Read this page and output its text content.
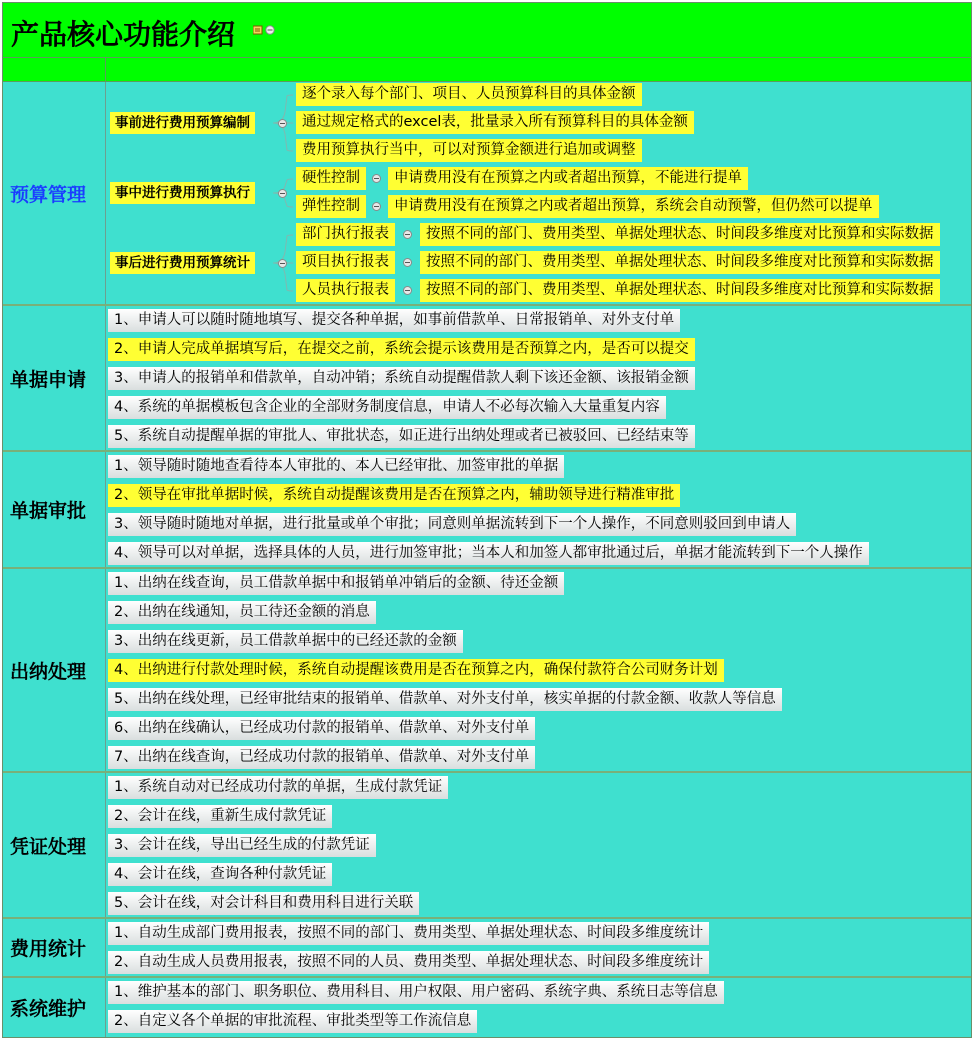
产品核心功能介绍
预算管理
事前进行费用预算编制
逐个录入每个部门、项目、人员预算科目的具体金额
通过规定格式的excel表，批量录入所有预算科目的具体金额
费用预算执行当中，可以对预算金额进行追加或调整
事中进行费用预算执行
硬性控制	申请费用没有在预算之内或者超出预算，不能进行提单
弹性控制	申请费用没有在预算之内或者超出预算，系统会自动预警，但仍然可以提单
事后进行费用预算统计
部门执行报表	按照不同的部门、费用类型、单据处理状态、时间段多维度对比预算和实际数据
项目执行报表	按照不同的部门、费用类型、单据处理状态、时间段多维度对比预算和实际数据
人员执行报表	按照不同的部门、费用类型、单据处理状态、时间段多维度对比预算和实际数据
单据申请
1、申请人可以随时随地填写、提交各种单据，如事前借款单、日常报销单、对外支付单
2、申请人完成单据填写后，在提交之前，系统会提示该费用是否预算之内，是否可以提交
3、申请人的报销单和借款单，自动冲销；系统自动提醒借款人剩下该还金额、该报销金额
4、系统的单据模板包含企业的全部财务制度信息，申请人不必每次输入大量重复内容
5、系统自动提醒单据的审批人、审批状态，如正进行出纳处理或者已被驳回、已经结束等
单据审批
1、领导随时随地查看待本人审批的、本人已经审批、加签审批的单据
2、领导在审批单据时候，系统自动提醒该费用是否在预算之内，辅助领导进行精准审批
3、领导随时随地对单据，进行批量或单个审批；同意则单据流转到下一个人操作，不同意则驳回到申请人
4、领导可以对单据，选择具体的人员，进行加签审批；当本人和加签人都审批通过后，单据才能流转到下一个人操作
出纳处理
1、出纳在线查询，员工借款单据中和报销单冲销后的金额、待还金额
2、出纳在线通知，员工待还金额的消息
3、出纳在线更新，员工借款单据中的已经还款的金额
4、出纳进行付款处理时候，系统自动提醒该费用是否在预算之内，确保付款符合公司财务计划
5、出纳在线处理，已经审批结束的报销单、借款单、对外支付单，核实单据的付款金额、收款人等信息
6、出纳在线确认，已经成功付款的报销单、借款单、对外支付单
7、出纳在线查询，已经成功付款的报销单、借款单、对外支付单
凭证处理
1、系统自动对已经成功付款的单据，生成付款凭证
2、会计在线，重新生成付款凭证
3、会计在线，导出已经生成的付款凭证
4、会计在线，查询各种付款凭证
5、会计在线，对会计科目和费用科目进行关联
费用统计
1、自动生成部门费用报表，按照不同的部门、费用类型、单据处理状态、时间段多维度统计
2、自动生成人员费用报表，按照不同的人员、费用类型、单据处理状态、时间段多维度统计
系统维护
1、维护基本的部门、职务职位、费用科目、用户权限、用户密码、系统字典、系统日志等信息
2、自定义各个单据的审批流程、审批类型等工作流信息
